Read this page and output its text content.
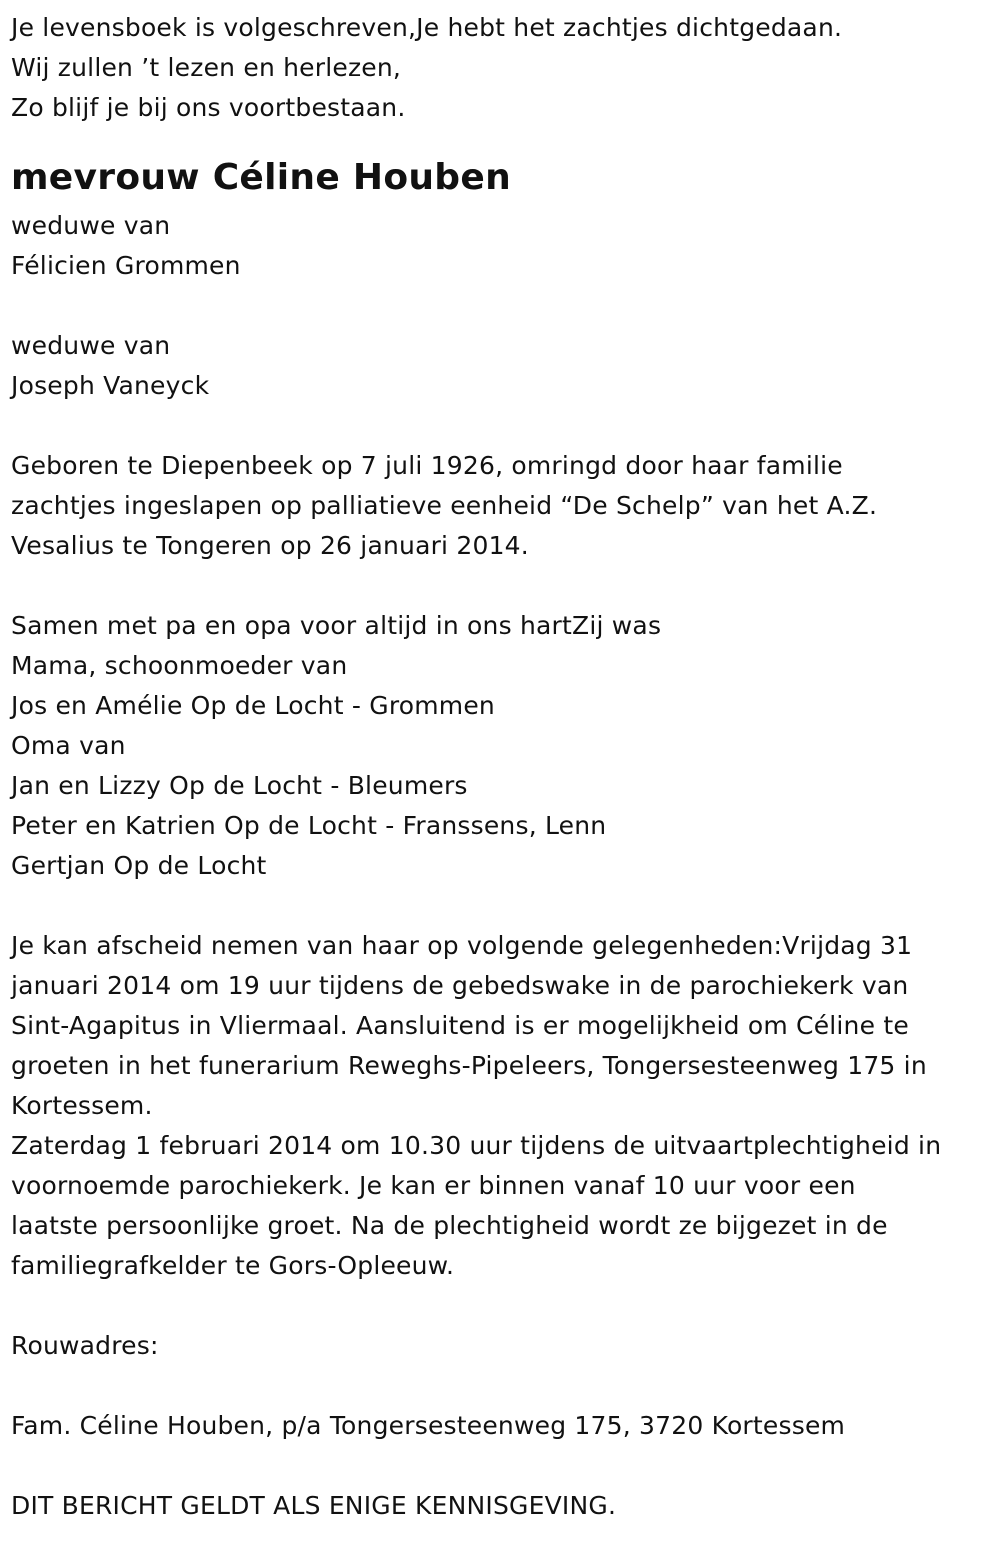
Je levensboek is volgeschreven,Je hebt het zachtjes dichtgedaan.
Wij zullen ’t lezen en herlezen,
Zo blijf je bij ons voortbestaan.
mevrouw Céline Houben
weduwe van
Félicien Grommen
weduwe van
Joseph Vaneyck
Geboren te Diepenbeek op 7 juli 1926, omringd door haar familie
zachtjes ingeslapen op palliatieve eenheid “De Schelp” van het A.Z.
Vesalius te Tongeren op 26 januari 2014.
Samen met pa en opa voor altijd in ons hartZij was
Mama, schoonmoeder van
Jos en Amélie Op de Locht - Grommen
Oma van
Jan en Lizzy Op de Locht - Bleumers
Peter en Katrien Op de Locht - Franssens, Lenn
Gertjan Op de Locht
Je kan afscheid nemen van haar op volgende gelegenheden:Vrijdag 31
januari 2014 om 19 uur tijdens de gebedswake in de parochiekerk van
Sint-Agapitus in Vliermaal. Aansluitend is er mogelijkheid om Céline te
groeten in het funerarium Reweghs-Pipeleers, Tongersesteenweg 175 in
Kortessem.
Zaterdag 1 februari 2014 om 10.30 uur tijdens de uitvaartplechtigheid in
voornoemde parochiekerk. Je kan er binnen vanaf 10 uur voor een
laatste persoonlijke groet. Na de plechtigheid wordt ze bijgezet in de
familiegrafkelder te Gors-Opleeuw.
Rouwadres:
Fam. Céline Houben, p/a Tongersesteenweg 175, 3720 Kortessem
DIT BERICHT GELDT ALS ENIGE KENNISGEVING.
